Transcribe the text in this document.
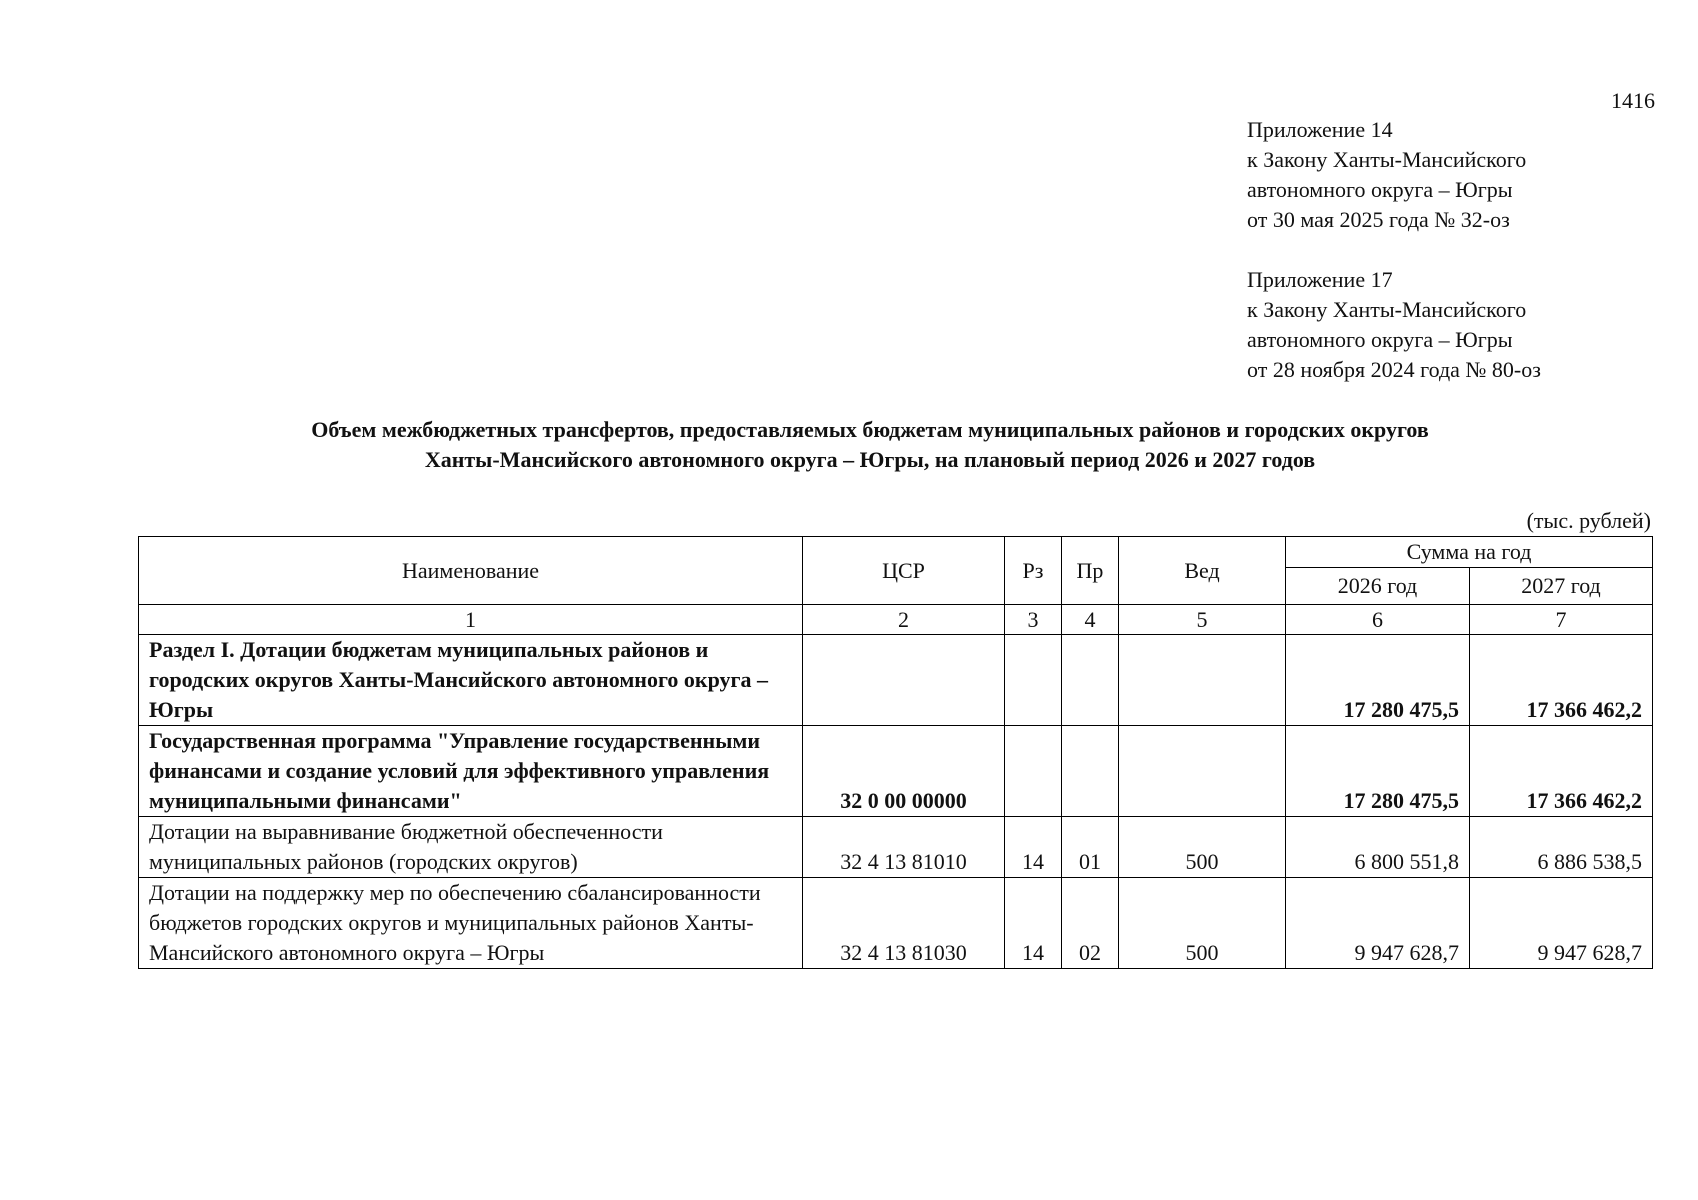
1416

Приложение 14

к Закону Ханты-Мансийского

автономного округа – Югры

от 30 мая 2025 года № 32-оз

Приложение 17

к Закону Ханты-Мансийского

автономного округа – Югры

от 28 ноября 2024 года № 80-оз

Объем межбюджетных трансфертов, предоставляемых бюджетам муниципальных районов и городских округов

Ханты-Мансийского автономного округа – Югры, на плановый период 2026 и 2027 годов

(тыс. рублей)
Наименование	ЦСР	Рз	Пр	Вед	Сумма на год	
					2026 год	2027 год
1	2	3	4	5	6	7
Раздел I. Дотации бюджетам муниципальных районов и городских округов Ханты-Мансийского автономного округа – Югры					17 280 475,5	17 366 462,2
Государственная программа "Управление государственными финансами и создание условий для эффективного управления муниципальными финансами"	32 0 00 00000				17 280 475,5	17 366 462,2
Дотации на выравнивание бюджетной обеспеченности муниципальных районов (городских округов)	32 4 13 81010	14	01	500	6 800 551,8	6 886 538,5
Дотации на поддержку мер по обеспечению сбалансированности бюджетов городских округов и муниципальных районов Ханты-Мансийского автономного округа – Югры	32 4 13 81030	14	02	500	9 947 628,7	9 947 628,7
